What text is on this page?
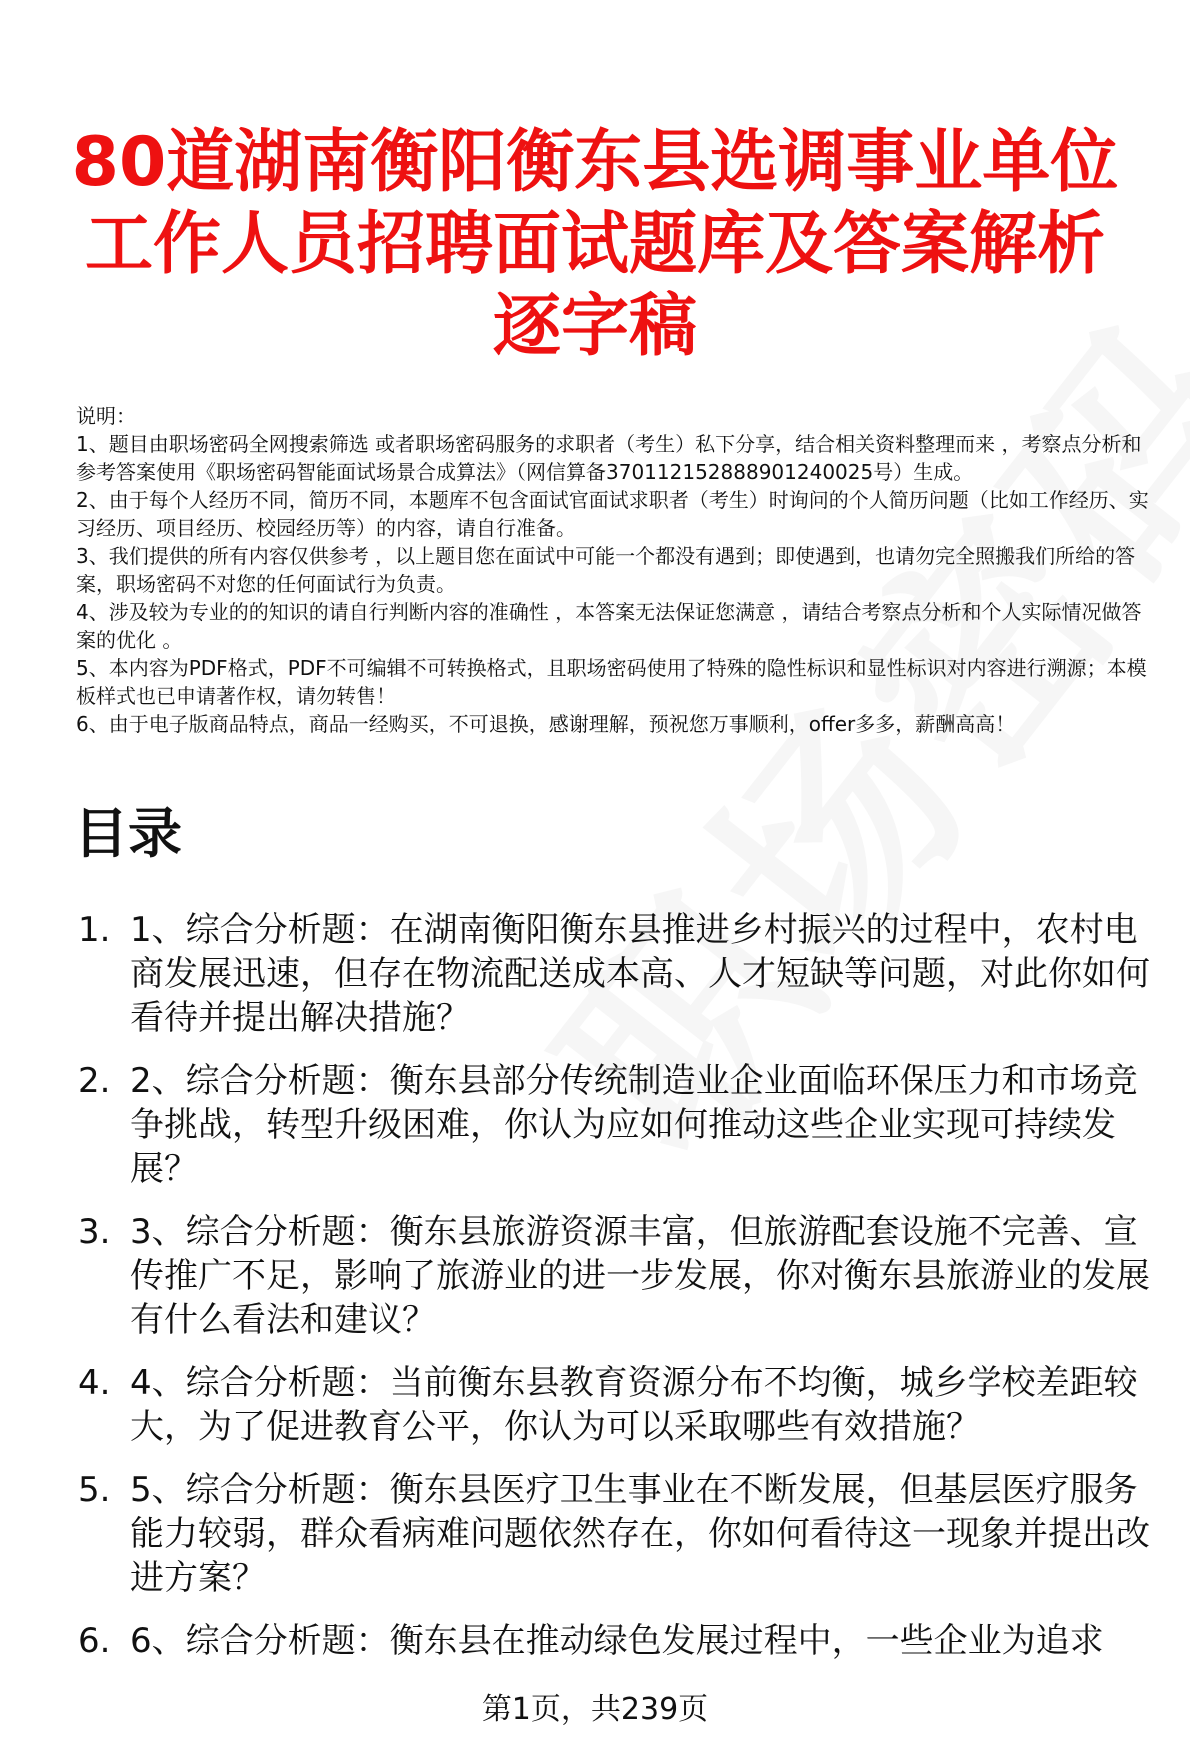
80道湖南衡阳衡东县选调事业单位
工作人员招聘面试题库及答案解析
逐字稿

说明：

1、题目由职场密码全网搜索筛选 或者职场密码服务的求职者（考生）私下分享，结合相关资料整理而来 ，考察点分析和参考答案使用《职场密码智能面试场景合成算法》（网信算备370112152888901240025号）生成。

2、由于每个人经历不同，简历不同，本题库不包含面试官面试求职者（考生）时询问的个人简历问题（比如工作经历、实习经历、项目经历、校园经历等）的内容，请自行准备。

3、我们提供的所有内容仅供参考 ，以上题目您在面试中可能一个都没有遇到；即使遇到，也请勿完全照搬我们所给的答案，职场密码不对您的任何面试行为负责。

4、涉及较为专业的的知识的请自行判断内容的准确性 ，本答案无法保证您满意 ，请结合考察点分析和个人实际情况做答案的优化 。

5、本内容为PDF格式，PDF不可编辑不可转换格式，且职场密码使用了特殊的隐性标识和显性标识对内容进行溯源；本模板样式也已申请著作权，请勿转售！

6、由于电子版商品特点，商品一经购买，不可退换，感谢理解，预祝您万事顺利，offer多多，薪酬高高！

目录
1. 1、综合分析题：在湖南衡阳衡东县推进乡村振兴的过程中，农村电商发展迅速，但存在物流配送成本高、人才短缺等问题，对此你如何看待并提出解决措施？
2. 2、综合分析题：衡东县部分传统制造业企业面临环保压力和市场竞争挑战，转型升级困难，你认为应如何推动这些企业实现可持续发展？
3. 3、综合分析题：衡东县旅游资源丰富，但旅游配套设施不完善、宣传推广不足，影响了旅游业的进一步发展，你对衡东县旅游业的发展有什么看法和建议？
4. 4、综合分析题：当前衡东县教育资源分布不均衡，城乡学校差距较大，为了促进教育公平，你认为可以采取哪些有效措施？
5. 5、综合分析题：衡东县医疗卫生事业在不断发展，但基层医疗服务能力较弱，群众看病难问题依然存在，你如何看待这一现象并提出改进方案？
6. 6、综合分析题：衡东县在推动绿色发展过程中，一些企业为追求
第1页，共239页
